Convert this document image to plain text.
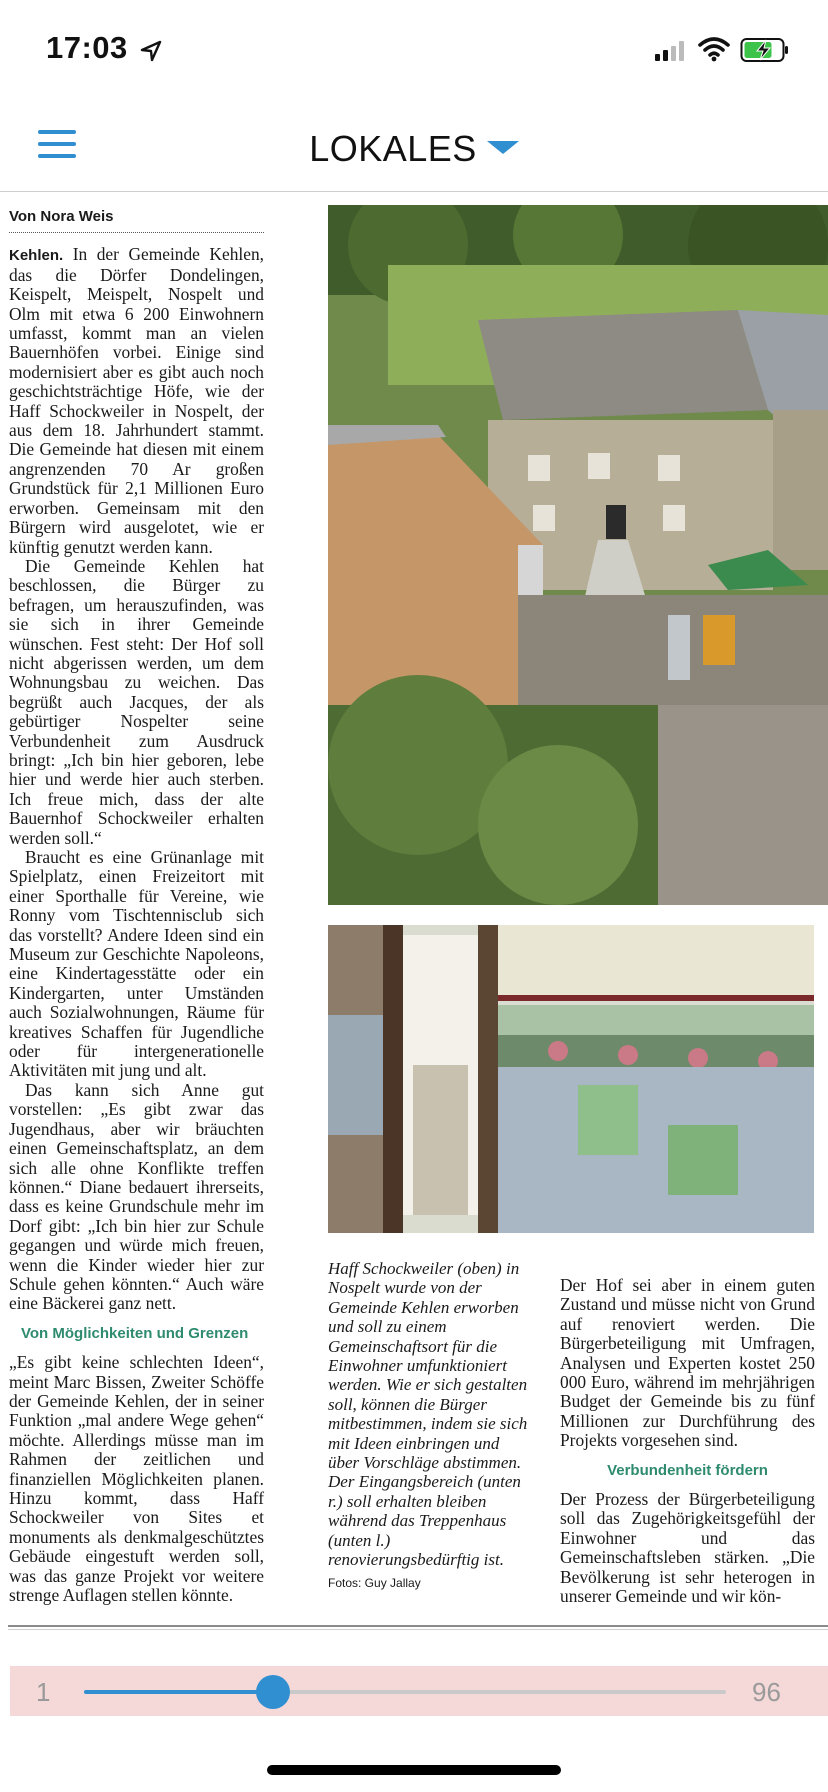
17:03
LOKALES
Von Nora Weis

Kehlen. In der Gemeinde Kehlen, das die Dörfer Dondelingen, Keispelt, Meispelt, Nospelt und Olm mit etwa 6 200 Einwohnern umfasst, kommt man an vielen Bauernhöfen vorbei. Einige sind modernisiert aber es gibt auch noch geschichtsträchtige Höfe, wie der Haff Schockweiler in Nospelt, der aus dem 18. Jahrhundert stammt. Die Gemeinde hat diesen mit einem angrenzenden 70 Ar großen Grundstück für 2,1 Millionen Euro erworben. Gemeinsam mit den Bürgern wird ausgelotet, wie er künftig genutzt werden kann.

Die Gemeinde Kehlen hat beschlossen, die Bürger zu befragen, um herauszufinden, was sie sich in ihrer Gemeinde wünschen. Fest steht: Der Hof soll nicht abgerissen werden, um dem Wohnungsbau zu weichen. Das begrüßt auch Jacques, der als gebürtiger Nospelter seine Verbundenheit zum Ausdruck bringt: „Ich bin hier geboren, lebe hier und werde hier auch sterben. Ich freue mich, dass der alte Bauernhof Schockweiler erhalten werden soll.“

Braucht es eine Grünanlage mit Spielplatz, einen Freizeitort mit einer Sporthalle für Vereine, wie Ronny vom Tischtennisclub sich das vorstellt? Andere Ideen sind ein Museum zur Geschichte Napoleons, eine Kindertagesstätte oder ein Kindergarten, unter Umständen auch Sozialwohnungen, Räume für kreatives Schaffen für Jugendliche oder für intergenerationelle Aktivitäten mit jung und alt.

Das kann sich Anne gut vorstellen: „Es gibt zwar das Jugendhaus, aber wir bräuchten einen Gemeinschaftsplatz, an dem sich alle ohne Konflikte treffen können.“ Diane bedauert ihrerseits, dass es keine Grundschule mehr im Dorf gibt: „Ich bin hier zur Schule gegangen und würde mich freuen, wenn die Kinder wieder hier zur Schule gehen könnten.“ Auch wäre eine Bäckerei ganz nett.

Von Möglichkeiten und Grenzen

„Es gibt keine schlechten Ideen“, meint Marc Bissen, Zweiter Schöffe der Gemeinde Kehlen, der in seiner Funktion „mal andere Wege gehen“ möchte. Allerdings müsse man im Rahmen der zeitlichen und finanziellen Möglichkeiten planen. Hinzu kommt, dass Haff Schockweiler von Sites et monuments als denkmalgeschütztes Gebäude eingestuft werden soll, was das ganze Projekt vor weitere strenge Auflagen stellen könnte.

Haff Schockweiler (oben) in Nospelt wurde von der Gemeinde Kehlen erworben und soll zu einem Gemeinschaftsort für die Einwohner umfunktioniert werden. Wie er sich gestalten soll, können die Bürger mitbestimmen, indem sie sich mit Ideen einbringen und über Vorschläge abstimmen. Der Eingangsbereich (unten r.) soll erhalten bleiben während das Treppenhaus (unten l.) renovierungsbedürftig ist.

Fotos: Guy Jallay

Der Hof sei aber in einem guten Zustand und müsse nicht von Grund auf renoviert werden. Die Bürgerbeteiligung mit Umfragen, Analysen und Experten kostet 250 000 Euro, während im mehrjährigen Budget der Gemeinde bis zu fünf Millionen zur Durchführung des Projekts vorgesehen sind.

Verbundenheit fördern

Der Prozess der Bürgerbeteiligung soll das Zugehörigkeitsgefühl der Einwohner und das Gemeinschaftsleben stärken. „Die Bevölkerung ist sehr heterogen in unserer Gemeinde und wir kön-

1	96
